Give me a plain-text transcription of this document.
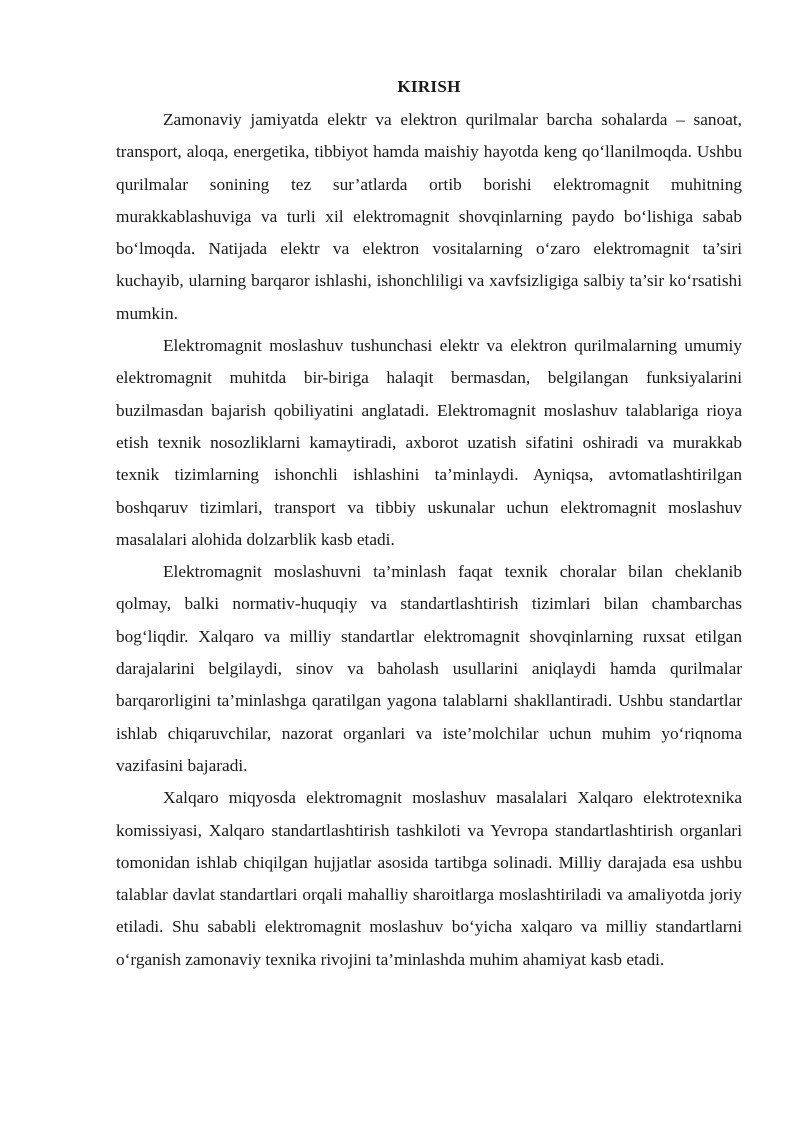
KIRISH

Zamonaviy jamiyatda elektr va elektron qurilmalar barcha sohalarda – sanoat, transport, aloqa, energetika, tibbiyot hamda maishiy hayotda keng qo‘llanilmoqda. Ushbu qurilmalar sonining tez sur’atlarda ortib borishi elektromagnit muhitning murakkablashuviga va turli xil elektromagnit shovqinlarning paydo bo‘lishiga sabab bo‘lmoqda. Natijada elektr va elektron vositalarning o‘zaro elektromagnit ta’siri kuchayib, ularning barqaror ishlashi, ishonchliligi va xavfsizligiga salbiy ta’sir ko‘rsatishi mumkin.

Elektromagnit moslashuv tushunchasi elektr va elektron qurilmalarning umumiy elektromagnit muhitda bir-biriga halaqit bermasdan, belgilangan funksiyalarini buzilmasdan bajarish qobiliyatini anglatadi. Elektromagnit moslashuv talablariga rioya etish texnik nosozliklarni kamaytiradi, axborot uzatish sifatini oshiradi va murakkab texnik tizimlarning ishonchli ishlashini ta’minlaydi. Ayniqsa, avtomatlashtirilgan boshqaruv tizimlari, transport va tibbiy uskunalar uchun elektromagnit moslashuv masalalari alohida dolzarblik kasb etadi.

Elektromagnit moslashuvni ta’minlash faqat texnik choralar bilan cheklanib qolmay, balki normativ-huquqiy va standartlashtirish tizimlari bilan chambarchas bog‘liqdir. Xalqaro va milliy standartlar elektromagnit shovqinlarning ruxsat etilgan darajalarini belgilaydi, sinov va baholash usullarini aniqlaydi hamda qurilmalar barqarorligini ta’minlashga qaratilgan yagona talablarni shakllantiradi. Ushbu standartlar ishlab chiqaruvchilar, nazorat organlari va iste’molchilar uchun muhim yo‘riqnoma vazifasini bajaradi.

Xalqaro miqyosda elektromagnit moslashuv masalalari Xalqaro elektrotexnika komissiyasi, Xalqaro standartlashtirish tashkiloti va Yevropa standartlashtirish organlari tomonidan ishlab chiqilgan hujjatlar asosida tartibga solinadi. Milliy darajada esa ushbu talablar davlat standartlari orqali mahalliy sharoitlarga moslashtiriladi va amaliyotda joriy etiladi. Shu sababli elektromagnit moslashuv bo‘yicha xalqaro va milliy standartlarni o‘rganish zamonaviy texnika rivojini ta’minlashda muhim ahamiyat kasb etadi.
